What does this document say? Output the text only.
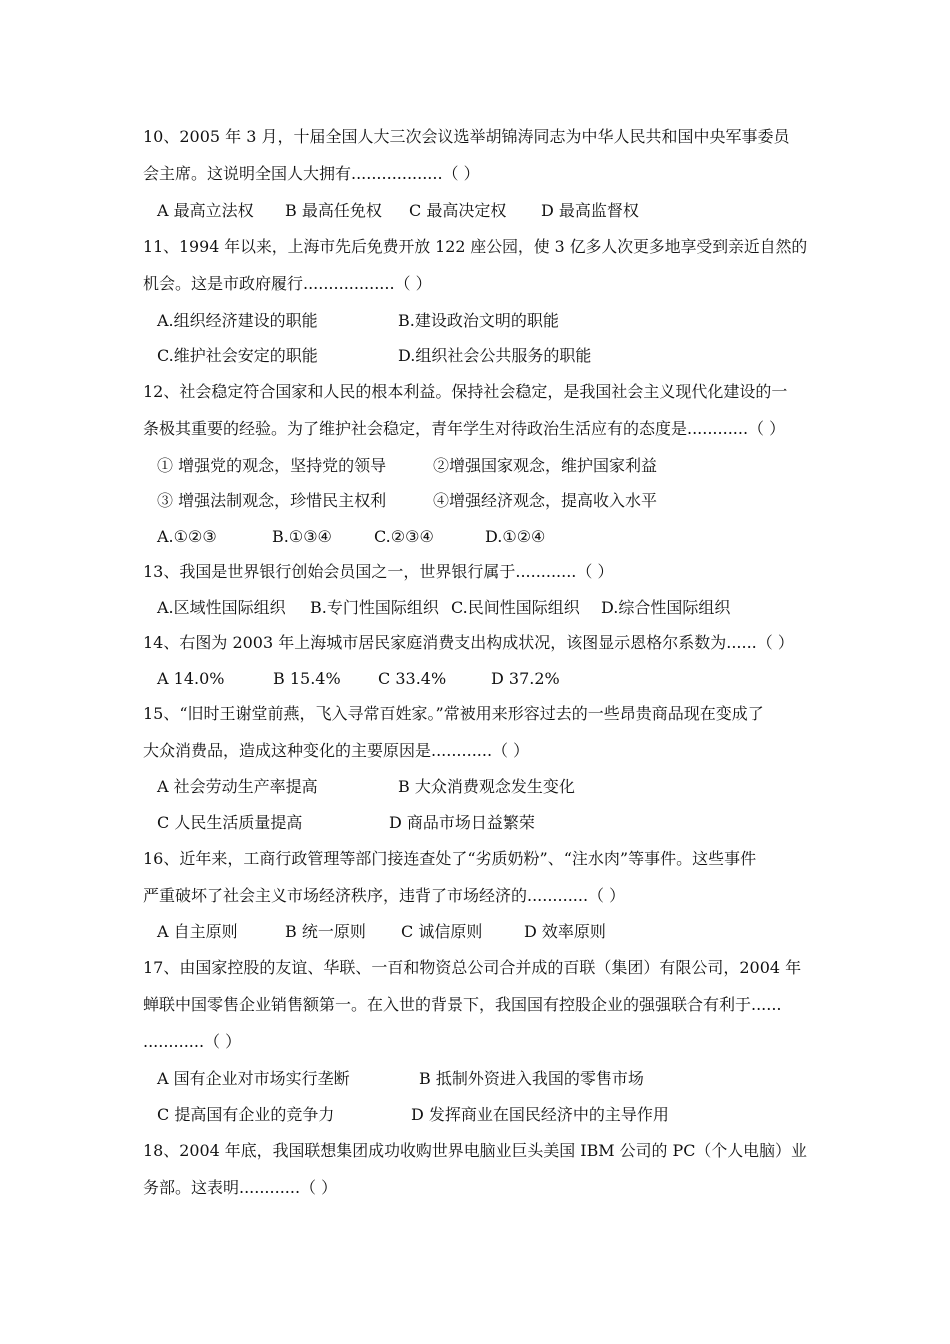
10、2005 年 3 月，十届全国人大三次会议选举胡锦涛同志为中华人民共和国中央军事委员
会主席。这说明全国人大拥有..................（ ）
A 最高立法权 B 最高任免权 C 最高决定权 D 最高监督权
11、1994 年以来，上海市先后免费开放 122 座公园，使 3 亿多人次更多地享受到亲近自然的
机会。这是市政府履行..................（ ）
A.组织经济建设的职能	B.建设政治文明的职能
C.维护社会安定的职能	D.组织社会公共服务的职能
12、社会稳定符合国家和人民的根本利益。保持社会稳定，是我国社会主义现代化建设的一
条极其重要的经验。为了维护社会稳定，青年学生对待政治生活应有的态度是............（ ）
① 增强党的观念，坚持党的领导	②增强国家观念，维护国家利益
③ 增强法制观念，珍惜民主权利	④增强经济观念，提高收入水平
A.①②③	B.①③④	C.②③④	D.①②④
13、我国是世界银行创始会员国之一，世界银行属于............（ ）
A.区域性国际组织 B.专门性国际组织 C.民间性国际组织 D.综合性国际组织
14、右图为 2003 年上海城市居民家庭消费支出构成状况，该图显示恩格尔系数为......（ ）
A 14.0%	B 15.4% C 33.4%	D 37.2%
15、“旧时王谢堂前燕，飞入寻常百姓家。”常被用来形容过去的一些昂贵商品现在变成了
大众消费品，造成这种变化的主要原因是............（ ）
A 社会劳动生产率提高	B 大众消费观念发生变化
C 人民生活质量提高	D 商品市场日益繁荣
16、近年来，工商行政管理等部门接连查处了“劣质奶粉”、“注水肉”等事件。这些事件
严重破坏了社会主义市场经济秩序，违背了市场经济的............（ ）
A 自主原则	B 统一原则 C 诚信原则	D 效率原则
17、由国家控股的友谊、华联、一百和物资总公司合并成的百联（集团）有限公司，2004 年
蝉联中国零售企业销售额第一。在入世的背景下，我国国有控股企业的强强联合有利于......
............（ ）
A 国有企业对市场实行垄断	B 抵制外资进入我国的零售市场
C 提高国有企业的竞争力	D 发挥商业在国民经济中的主导作用
18、2004 年底，我国联想集团成功收购世界电脑业巨头美国 IBM 公司的 PC（个人电脑）业
务部。这表明............（ ）
